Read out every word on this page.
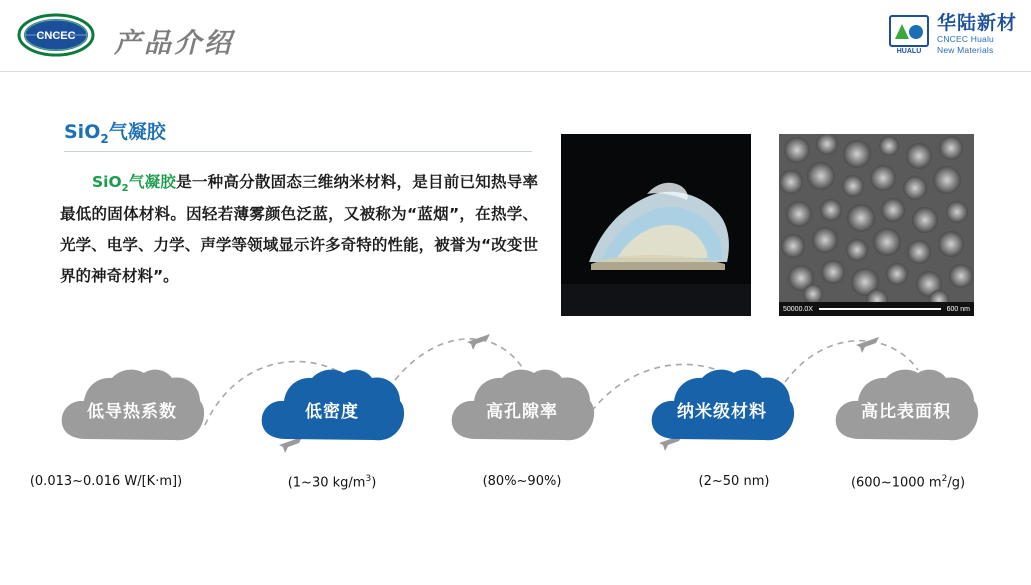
CNCEC 产品介绍	HUALU
华陆新材
CNCEC Hualu
New Materials
SiO$_2$气凝胶
SiO$_2$气凝胶是一种高分散固态三维纳米材料，是目前已知热导率最低的固体材料。因轻若薄雾颜色泛蓝，又被称为“蓝烟”，在热学、光学、电学、力学、声学等领域显示许多奇特的性能，被誉为“改变世界的神奇材料”。
50000.0X	600 nm
低导热系数
(0.013~0.016 W/[K·m])
低密度
(1~30 $kg/m^3$)
高孔隙率
(80%~90%)
纳米级材料
(2~50 nm)
高比表面积
(600~1000 $m^2/g$)
